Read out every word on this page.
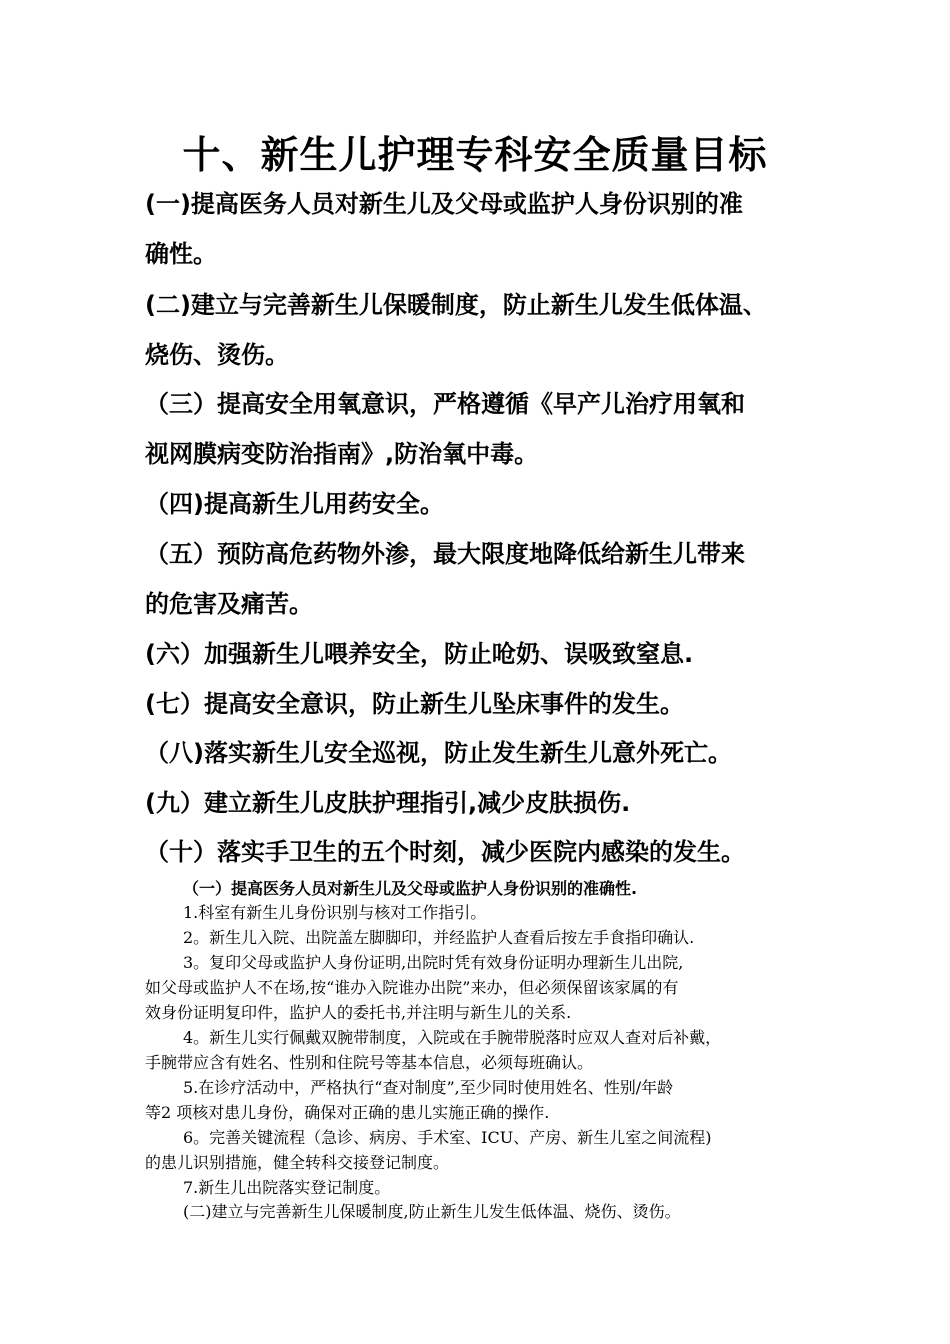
十、新生儿护理专科安全质量目标
(一)提高医务人员对新生儿及父母或监护人身份识别的准
确性。
(二)建立与完善新生儿保暖制度，防止新生儿发生低体温、
烧伤、烫伤。
（三）提高安全用氧意识，严格遵循《早产儿治疗用氧和
视网膜病变防治指南》,防治氧中毒。
（四)提高新生儿用药安全。
（五）预防高危药物外渗，最大限度地降低给新生儿带来
的危害及痛苦。
(六）加强新生儿喂养安全，防止呛奶、误吸致窒息.
(七）提高安全意识，防止新生儿坠床事件的发生。
（八)落实新生儿安全巡视，防止发生新生儿意外死亡。
(九）建立新生儿皮肤护理指引,减少皮肤损伤.
（十）落实手卫生的五个时刻，减少医院内感染的发生。
（一）提高医务人员对新生儿及父母或监护人身份识别的准确性.
1.科室有新生儿身份识别与核对工作指引。
2。新生儿入院、出院盖左脚脚印，并经监护人查看后按左手食指印确认.
3。复印父母或监护人身份证明,出院时凭有效身份证明办理新生儿出院,
如父母或监护人不在场,按“谁办入院谁办出院”来办，但必须保留该家属的有
效身份证明复印件，监护人的委托书,并注明与新生儿的关系.
4。新生儿实行佩戴双腕带制度，入院或在手腕带脱落时应双人查对后补戴，
手腕带应含有姓名、性别和住院号等基本信息，必须每班确认。
5.在诊疗活动中，严格执行“查对制度”,至少同时使用姓名、性别/年龄
等2 项核对患儿身份，确保对正确的患儿实施正确的操作.
6。完善关键流程（急诊、病房、手术室、ICU、产房、新生儿室之间流程)
的患儿识别措施，健全转科交接登记制度。
7.新生儿出院落实登记制度。
(二)建立与完善新生儿保暖制度,防止新生儿发生低体温、烧伤、烫伤。
